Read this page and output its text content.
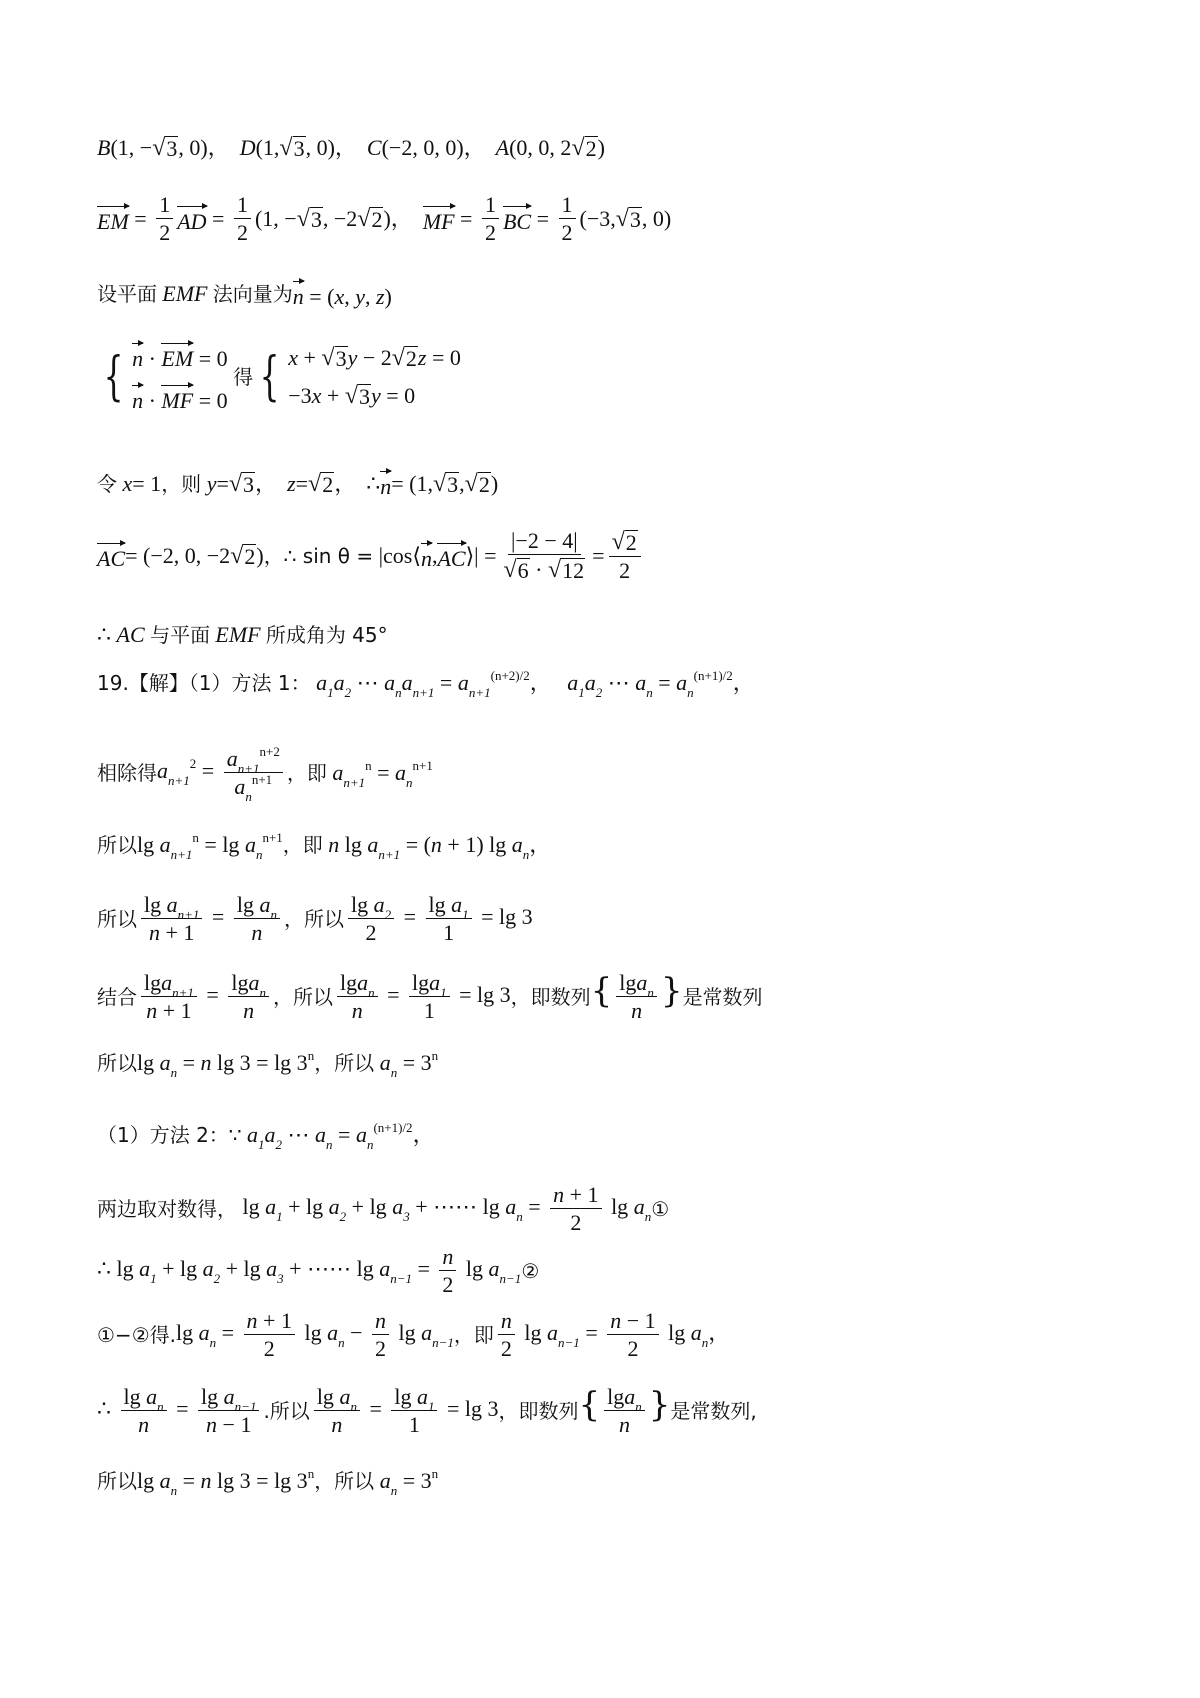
B (1, − √ 3 , 0)， D (1, √ 3 , 0)， C (−2, 0, 0)， A (0, 0, 2 √ 2 )
EM = $\frac{1}{2}$ AD = $\frac{1}{2} (1$, − √ 3 , −2 √ 2 )， MF = $\frac{1}{2}$ BC = $\frac{1}{2} (-3$, √ 3 , 0)
设平面
EMF
法向量为 n = (x, y, z)
{ n · EM = 0
n · MF = 0

得 { x + √ 3 y − 2 √ 2 z = 0
−3x + √ 3 y = 0
令
x = 1 ，则
y = √ 3 ， z = √ 2 ，
∴ n = (1, √ 3 , √ 2 )
AC = (−2, 0, −2 √ 2 ) ，∴ sin θ = |cos⟨ n , AC ⟩| = $\frac{|-2 - 4|}{√ 6 \cdot √ 12} = \frac{√ 2}{2}$
∴ AC 与平面
EMF
所成角为 45°
19.【解】（1）方法 1： $a_1a_2$ ⋯ $a_na_{n+1} = a_{n+1}^{(n+2)/2}$， $a_1a_2$ ⋯ $a_n = a_n^{(n+1)/2}$，
相除得 $a_{n+1}^2 = \frac{a_{n+1}^{n+2}}{a_n^{n+1}}$ ，即 $a_{n+1}^n = a_n^{n+1}$
所以 $\lg a_{n+1}^n = \lg a_n^{n+1}$ ，即 n $\lg a_{n+1} = (n + 1)$ $\lg a_n$，
所以 $\frac{\lg a_{n+1}}{n + 1} = \frac{\lg a_n}{n}$ ，所以 $\frac{\lg a_2}{2} = \frac{\lg a_1}{1} = \lg 3$
结合 $\frac{\lg a_{n+1}}{n + 1} = \frac{\lg a_n}{n}$ ，所以 $\frac{\lg a_n}{n} = \frac{\lg a_1}{1} = \lg 3$ ，即数列 { $\frac{\lg a_n}{n}$ } 是常数列
所以 $\lg a_n = n$ lg 3 = lg 3$^n$ ，所以 $a_n = 3^n$
（1）方法 2：∵ $a_1a_2$ ⋯ $a_n = a_n^{(n+1)/2}$，
两边取对数得， $\lg a_1 + \lg a_2 + \lg a_3$ + ⋯⋯ $\lg a_n = \frac{n + 1}{2}$ $\lg a_n$ ①
∴ $\lg a_1 + \lg a_2 + \lg a_3$ + ⋯⋯ $\lg a_{n-1} = \frac{n}{2}$ $\lg a_{n-1}$ ②
①−②得. $\lg a_n = \frac{n + 1}{2}$ $\lg a_n - \frac{n}{2}$ $\lg a_{n-1}$ ，即 $\frac{n}{2}$ $\lg a_{n-1} = \frac{n - 1}{2}$ $\lg a_n$，
∴ $\frac{\lg a_n}{n} = \frac{\lg a_{n-1}}{n - 1}$ .所以 $\frac{\lg a_n}{n} = \frac{\lg a_1}{1} = \lg 3$ ，即数列 { $\frac{\lg a_n}{n}$ } 是常数列,
所以 $\lg a_n = n$ lg 3 = lg 3$^n$ ，所以 $a_n = 3^n$
